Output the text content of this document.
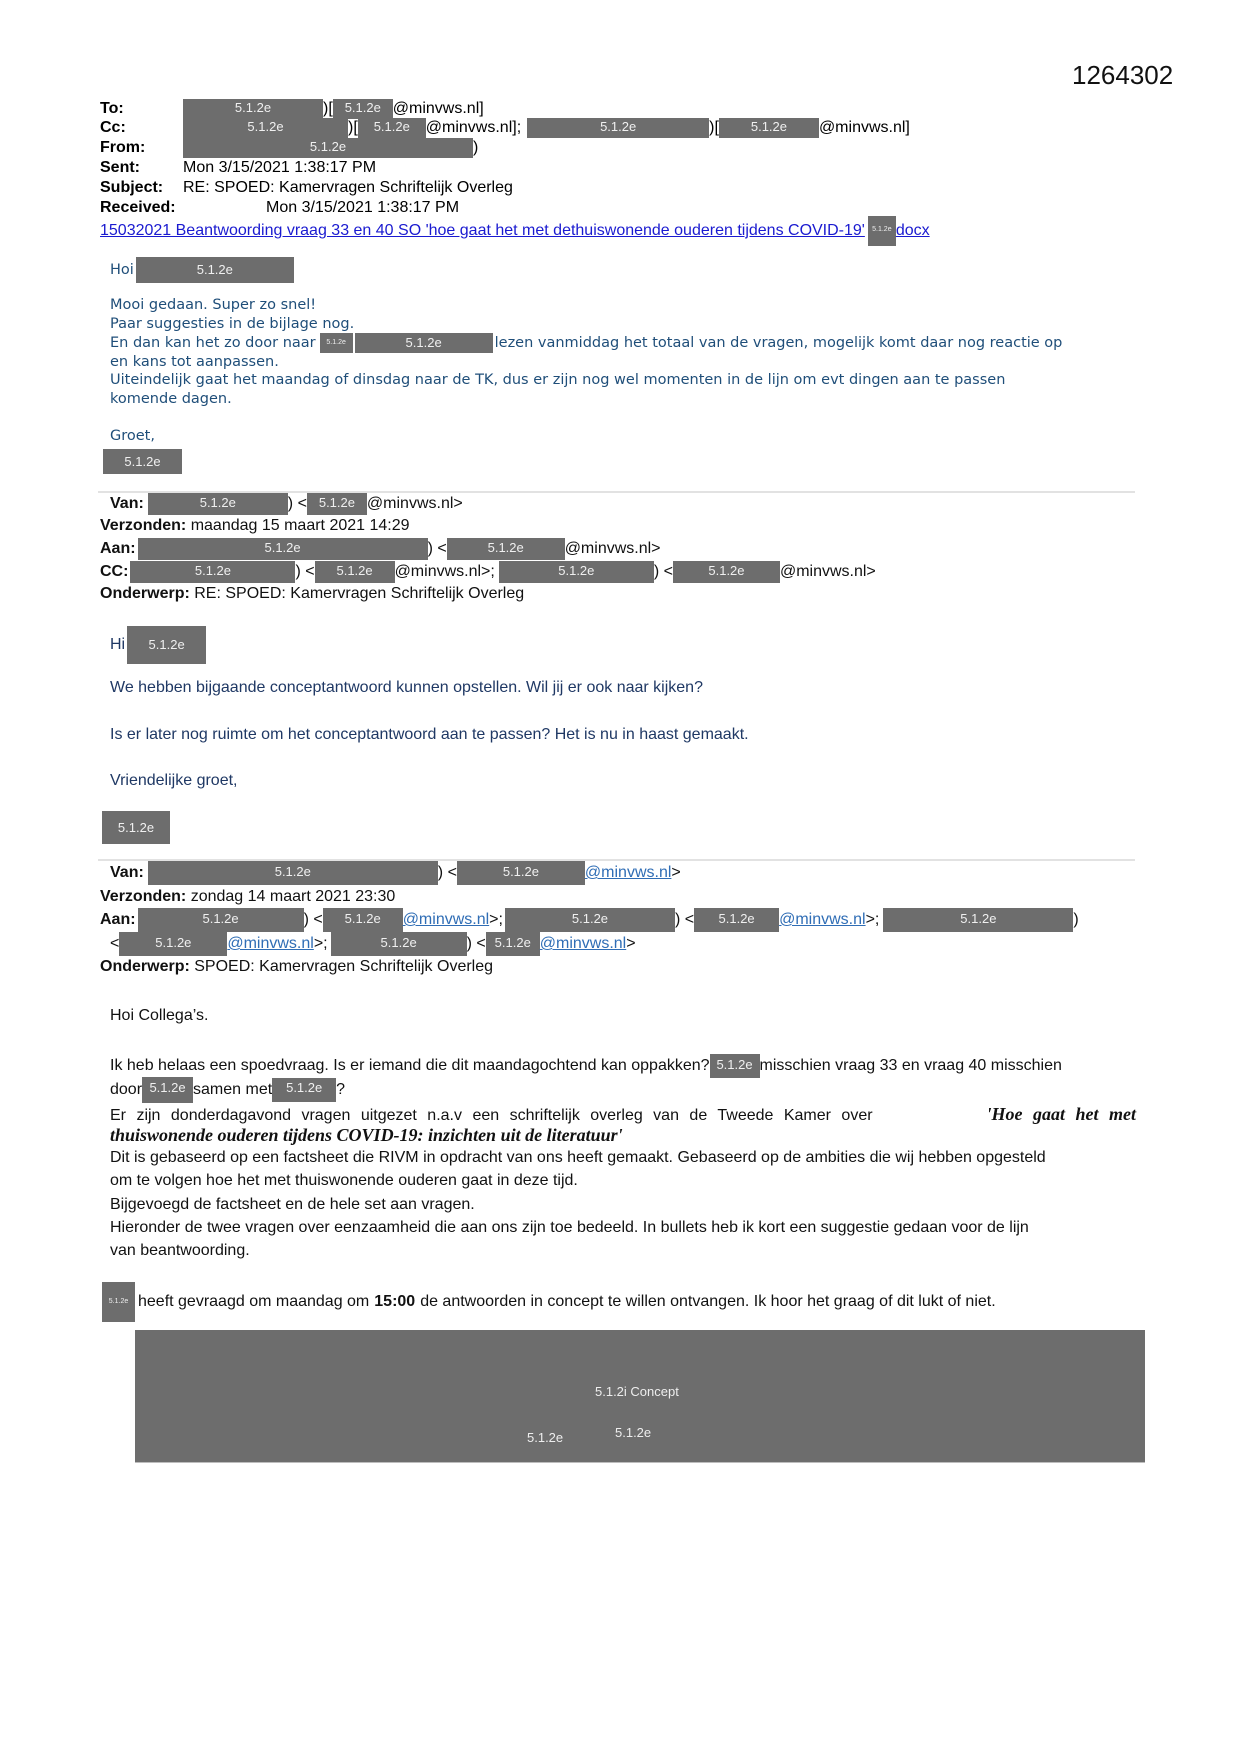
1264302
To:	5.1.2e	)[ 5.1.2e @minvws.nl]
Cc:	5.1.2e	)[	5.1.2e @minvws.nl];	5.1.2e	)[	5.1.2e	@minvws.nl]
From:	5.1.2e	)
Sent:	Mon 3/15/2021 1:38:17 PM
Subject: RE: SPOED: Kamervragen Schriftelijk Overleg
Received:	Mon 3/15/2021 1:38:17 PM
15032021 Beantwoording vraag 33 en 40 SO 'hoe gaat het met dethuiswonende ouderen tijdens COVID-19'	5.1.2e docx
Hoi	5.1.2e
Mooi gedaan. Super zo snel!
Paar suggesties in de bijlage nog.
En dan kan het zo door naar	5.1.2e	5.1.2e	lezen vanmiddag het totaal van de vragen, mogelijk komt daar nog reactie op
en kans tot aanpassen.
Uiteindelijk gaat het maandag of dinsdag naar de TK, dus er zijn nog wel momenten in de lijn om evt dingen aan te passen
komende dagen.
Groet,
5.1.2e
Van:	5.1.2e	) < 5.1.2e @minvws.nl>
Verzonden: maandag 15 maart 2021 14:29
Aan:	5.1.2e	) <	5.1.2e	@minvws.nl>
CC:	5.1.2e	) <	5.1.2e	@minvws.nl>;	5.1.2e	) <	5.1.2e	@minvws.nl>
Onderwerp: RE: SPOED: Kamervragen Schriftelijk Overleg
Hi	5.1.2e
We hebben bijgaande conceptantwoord kunnen opstellen. Wil jij er ook naar kijken?
Is er later nog ruimte om het conceptantwoord aan te passen? Het is nu in haast gemaakt.
Vriendelijke groet,
5.1.2e
Van:	5.1.2e	) <	5.1.2e	@minvws.nl >
Verzonden: zondag 14 maart 2021 23:30
Aan:	5.1.2e	) <	5.1.2e	@minvws.nl >;	5.1.2e	) <	5.1.2e	@minvws.nl >;	5.1.2e	)
<	5.1.2e	@minvws.nl >;	5.1.2e	) < 5.1.2e @minvws.nl >
Onderwerp: SPOED: Kamervragen Schriftelijk Overleg
Hoi Collega’s.
Ik heb helaas een spoedvraag. Is er iemand die dit maandagochtend kan oppakken? 5.1.2e misschien vraag 33 en vraag 40 misschien
door 5.1.2e samen met	5.1.2e ?
Er zijn donderdagavond vragen uitgezet n.a.v een schriftelijk overleg van de Tweede Kamer over	'Hoe gaat het met
thuiswonende ouderen tijdens COVID-19: inzichten uit de literatuur'
Dit is gebaseerd op een factsheet die RIVM in opdracht van ons heeft gemaakt. Gebaseerd op de ambities die wij hebben opgesteld
om te volgen hoe het met thuiswonende ouderen gaat in deze tijd.
Bijgevoegd de factsheet en de hele set aan vragen.
Hieronder de twee vragen over eenzaamheid die aan ons zijn toe bedeeld. In bullets heb ik kort een suggestie gedaan voor de lijn
van beantwoording.
5.1.2e heeft gevraagd om maandag om 15:00 de antwoorden in concept te willen ontvangen. Ik hoor het graag of dit lukt of niet.
5.1.2i Concept
5.1.2e	5.1.2e
